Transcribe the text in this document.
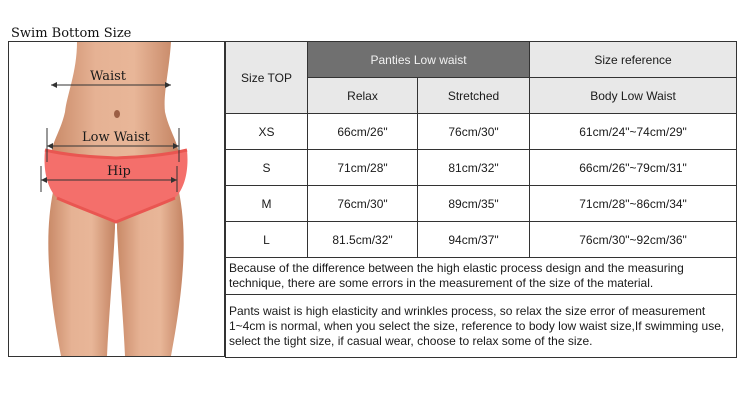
Swim Bottom Size
Waist
Low Waist
Hip
Size TOP	Panties Low waist		Size reference
	Relax	Stretched	Body Low Waist
XS	66cm/26"	76cm/30"	61cm/24"~74cm/29"
S	71cm/28"	81cm/32"	66cm/26"~79cm/31"
M	76cm/30"	89cm/35"	71cm/28"~86cm/34"
L	81.5cm/32"	94cm/37"	76cm/30"~92cm/36"
Because of the difference between the high elastic process design and the measuring technique, there are some errors in the measurement of the size of the material.			
Pants waist is high elasticity and wrinkles process, so relax the size error of measurement 1~4cm is normal, when you select the size, reference to body low waist size,If swimming use, select the tight size, if casual wear, choose to relax some of the size.			
